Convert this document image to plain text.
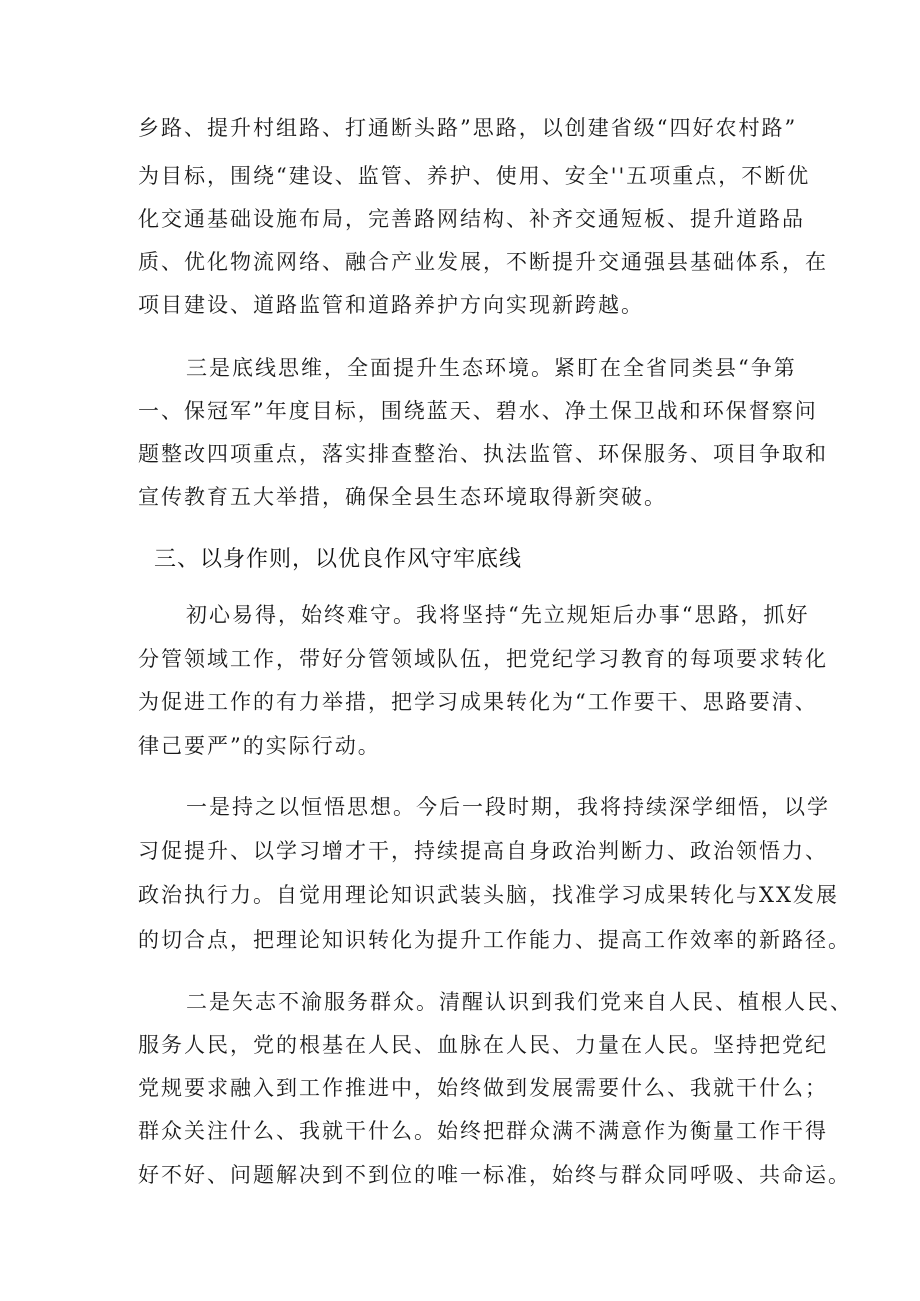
乡路、提升村组路、打通断头路”思路，以创建省级“四好农村路”
为目标，围绕“建设、监管、养护、使用、安全''五项重点，不断优
化交通基础设施布局，完善路网结构、补齐交通短板、提升道路品
质、优化物流网络、融合产业发展，不断提升交通强县基础体系，在
项目建设、道路监管和道路养护方向实现新跨越。
三是底线思维，全面提升生态环境。紧盯在全省同类县“争第
一、保冠军”年度目标，围绕蓝天、碧水、净土保卫战和环保督察问
题整改四项重点，落实排查整治、执法监管、环保服务、项目争取和
宣传教育五大举措，确保全县生态环境取得新突破。
三、以身作则，以优良作风守牢底线
初心易得，始终难守。我将坚持“先立规矩后办事“思路，抓好
分管领域工作，带好分管领域队伍，把党纪学习教育的每项要求转化
为促进工作的有力举措，把学习成果转化为“工作要干、思路要清、
律己要严”的实际行动。
一是持之以恒悟思想。今后一段时期，我将持续深学细悟，以学
习促提升、以学习增才干，持续提高自身政治判断力、政治领悟力、
政治执行力。自觉用理论知识武装头脑，找准学习成果转化与XX发展
的切合点，把理论知识转化为提升工作能力、提高工作效率的新路径。
二是矢志不渝服务群众。清醒认识到我们党来自人民、植根人民、
服务人民，党的根基在人民、血脉在人民、力量在人民。坚持把党纪
党规要求融入到工作推进中，始终做到发展需要什么、我就干什么；
群众关注什么、我就干什么。始终把群众满不满意作为衡量工作干得
好不好、问题解决到不到位的唯一标准，始终与群众同呼吸、共命运。
